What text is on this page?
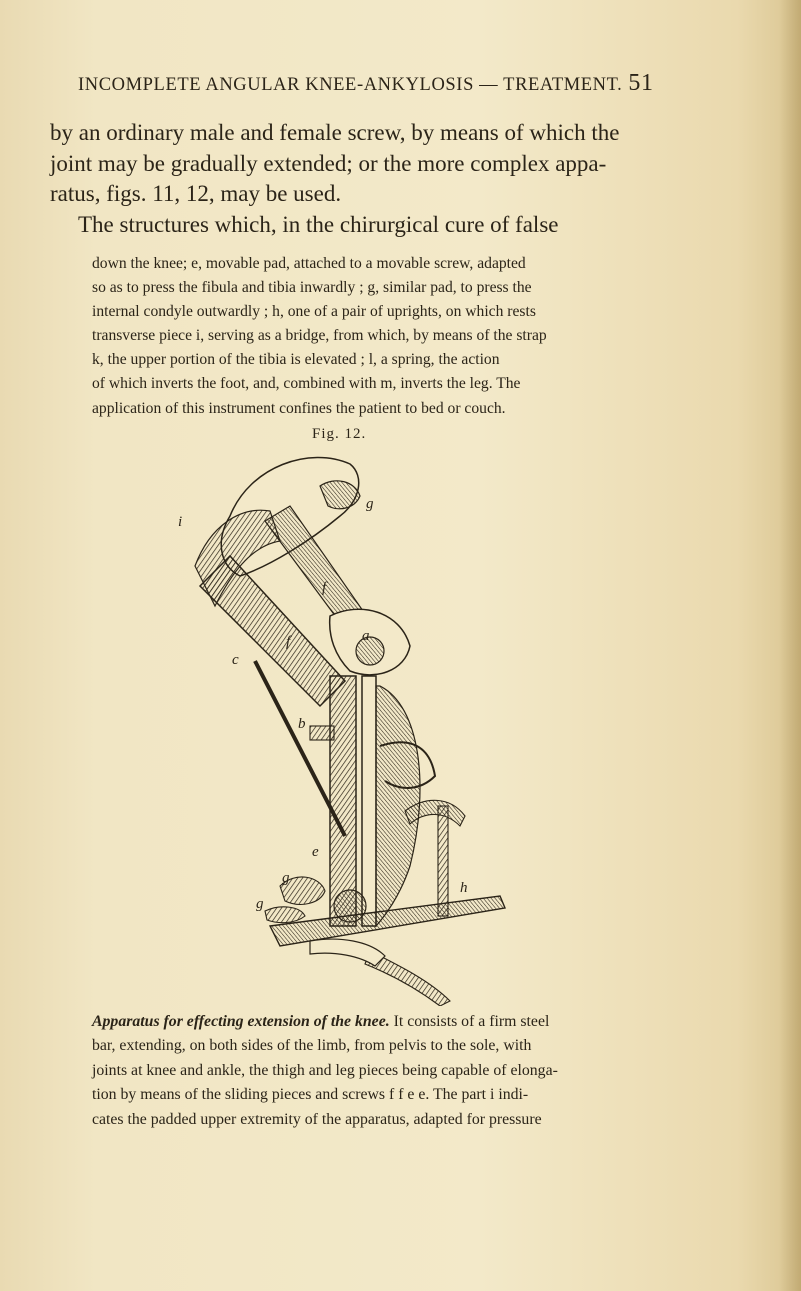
INCOMPLETE ANGULAR KNEE-ANKYLOSIS — TREATMENT. 51
by an ordinary male and female screw, by means of which the
joint may be gradually extended; or the more complex appa-
ratus, figs. 11, 12, may be used.
The structures which, in the chirurgical cure of false
down the knee; e, movable pad, attached to a movable screw, adapted
so as to press the fibula and tibia inwardly ; g, similar pad, to press the
internal condyle outwardly ; h, one of a pair of uprights, on which rests
transverse piece i, serving as a bridge, from which, by means of the strap
k, the upper portion of the tibia is elevated ; l, a spring, the action
of which inverts the foot, and, combined with m, inverts the leg. The
application of this instrument confines the patient to bed or couch.
Fig. 12.
i
g
f
f
c
a
b
e
g
g
h
Apparatus for effecting extension of the knee. It consists of a firm steel
bar, extending, on both sides of the limb, from pelvis to the sole, with
joints at knee and ankle, the thigh and leg pieces being capable of elonga-
tion by means of the sliding pieces and screws f f e e. The part i indi-
cates the padded upper extremity of the apparatus, adapted for pressure
